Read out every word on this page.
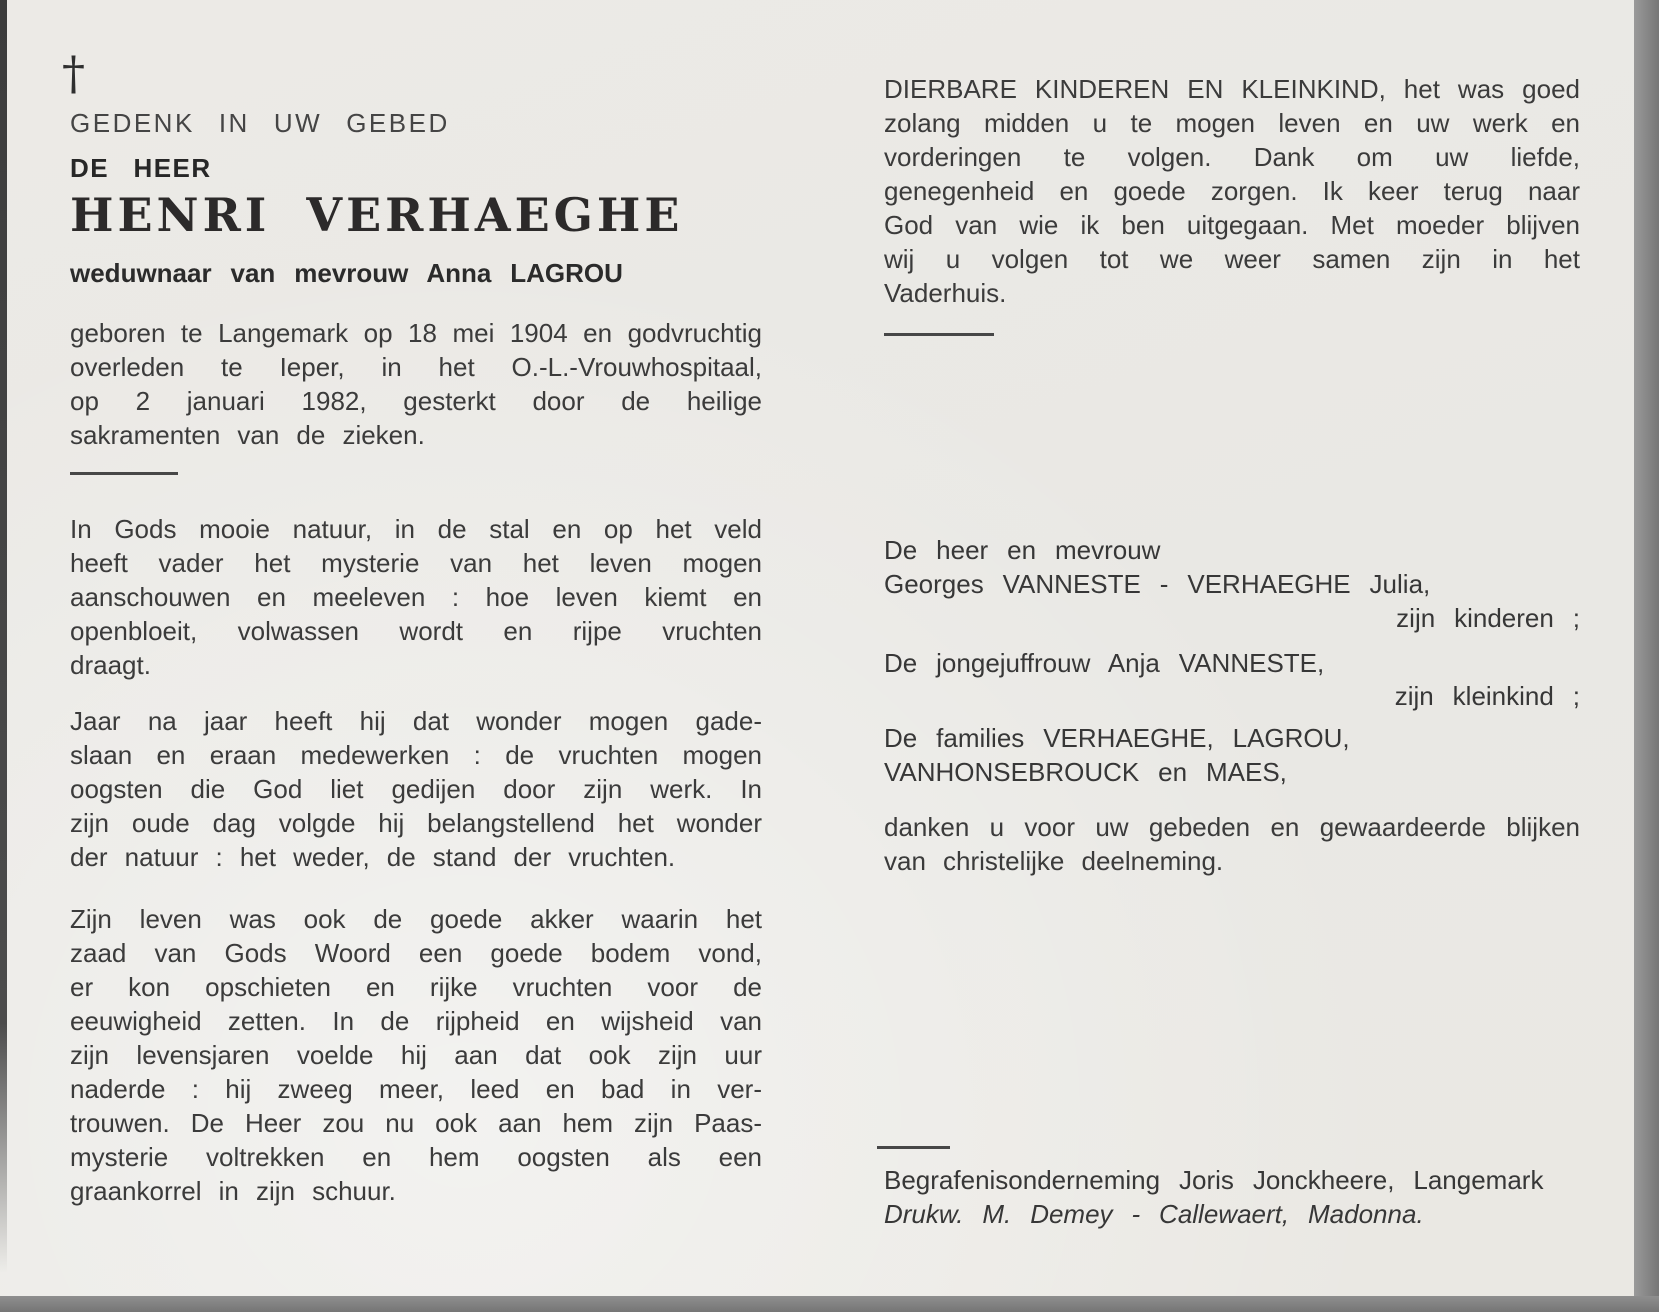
†
GEDENK IN UW GEBED
DE HEER
HENRI VERHAEGHE
weduwnaar van mevrouw Anna LAGROU
geboren te Langemark op 18 mei 1904 en godvruchtig
overleden te Ieper, in het O.-L.-Vrouwhospitaal,
op 2 januari 1982, gesterkt door de heilige
sakramenten van de zieken.
In Gods mooie natuur, in de stal en op het veld
heeft vader het mysterie van het leven mogen
aanschouwen en meeleven : hoe leven kiemt en
openbloeit, volwassen wordt en rijpe vruchten
draagt.
Jaar na jaar heeft hij dat wonder mogen gade-
slaan en eraan medewerken : de vruchten mogen
oogsten die God liet gedijen door zijn werk. In
zijn oude dag volgde hij belangstellend het wonder
der natuur : het weder, de stand der vruchten.
Zijn leven was ook de goede akker waarin het
zaad van Gods Woord een goede bodem vond,
er kon opschieten en rijke vruchten voor de
eeuwigheid zetten. In de rijpheid en wijsheid van
zijn levensjaren voelde hij aan dat ook zijn uur
naderde : hij zweeg meer, leed en bad in ver-
trouwen. De Heer zou nu ook aan hem zijn Paas-
mysterie voltrekken en hem oogsten als een
graankorrel in zijn schuur.
DIERBARE KINDEREN EN KLEINKIND, het was goed
zolang midden u te mogen leven en uw werk en
vorderingen te volgen. Dank om uw liefde,
genegenheid en goede zorgen. Ik keer terug naar
God van wie ik ben uitgegaan. Met moeder blijven
wij u volgen tot we weer samen zijn in het
Vaderhuis.
De heer en mevrouw
Georges VANNESTE - VERHAEGHE Julia,
zijn kinderen ;
De jongejuffrouw Anja VANNESTE,
zijn kleinkind ;
De families VERHAEGHE, LAGROU,
VANHONSEBROUCK en MAES,
danken u voor uw gebeden en gewaardeerde blijken
van christelijke deelneming.
Begrafenisonderneming Joris Jonckheere, Langemark
Drukw. M. Demey - Callewaert, Madonna.
